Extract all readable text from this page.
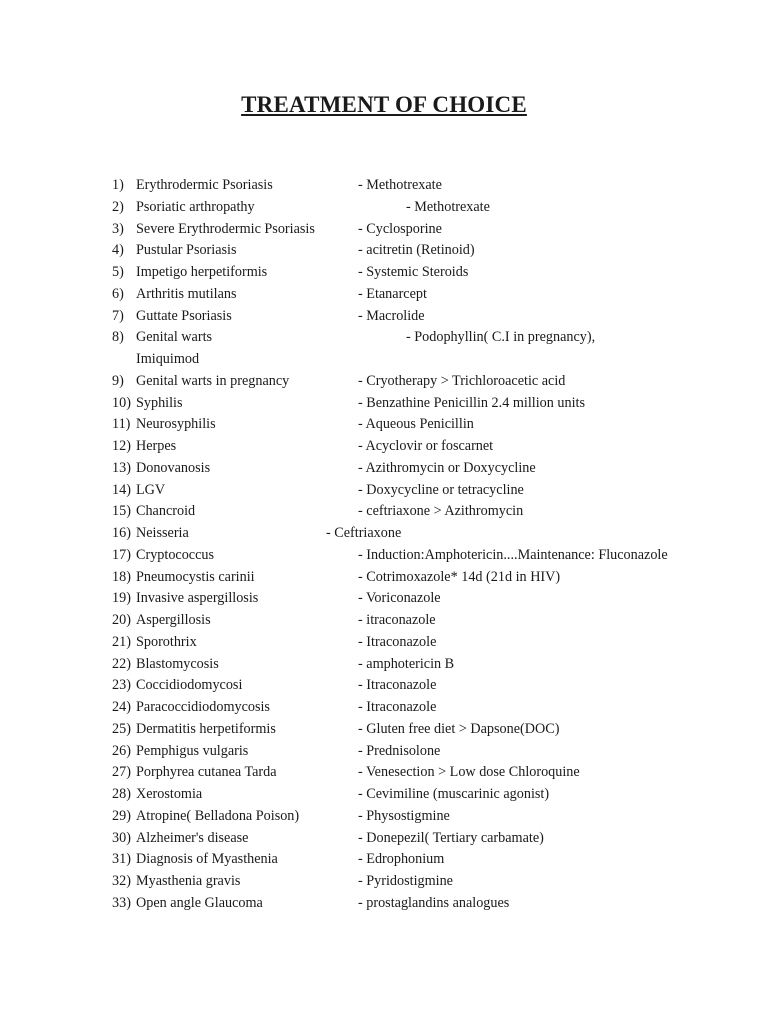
TREATMENT OF CHOICE
1) Erythrodermic Psoriasis	- Methotrexate
2) Psoriatic arthropathy	- Methotrexate
3) Severe Erythrodermic Psoriasis	- Cyclosporine
4) Pustular Psoriasis	- acitretin (Retinoid)
5) Impetigo herpetiformis	- Systemic Steroids
6) Arthritis mutilans	- Etanarcept
7) Guttate Psoriasis	- Macrolide
8) Genital warts	- Podophyllin( C.I in pregnancy),
Imiquimod
9) Genital warts in pregnancy	- Cryotherapy > Trichloroacetic acid
10) Syphilis	- Benzathine Penicillin 2.4 million units
11) Neurosyphilis	- Aqueous Penicillin
12) Herpes	- Acyclovir or foscarnet
13) Donovanosis	- Azithromycin or Doxycycline
14) LGV	- Doxycycline or tetracycline
15) Chancroid	- ceftriaxone > Azithromycin
16) Neisseria	- Ceftriaxone
17) Cryptococcus	- Induction:Amphotericin....Maintenance: Fluconazole
18) Pneumocystis carinii	- Cotrimoxazole* 14d (21d in HIV)
19) Invasive aspergillosis	- Voriconazole
20) Aspergillosis	- itraconazole
21) Sporothrix	- Itraconazole
22) Blastomycosis	- amphotericin B
23) Coccidiodomycosi	- Itraconazole
24) Paracoccidiodomycosis	- Itraconazole
25) Dermatitis herpetiformis	- Gluten free diet > Dapsone(DOC)
26) Pemphigus vulgaris	- Prednisolone
27) Porphyrea cutanea Tarda	- Venesection > Low dose Chloroquine
28) Xerostomia	- Cevimiline (muscarinic agonist)
29) Atropine( Belladona Poison)	- Physostigmine
30) Alzheimer's disease	- Donepezil( Tertiary carbamate)
31) Diagnosis of Myasthenia	- Edrophonium
32) Myasthenia gravis	- Pyridostigmine
33) Open angle Glaucoma	- prostaglandins analogues
